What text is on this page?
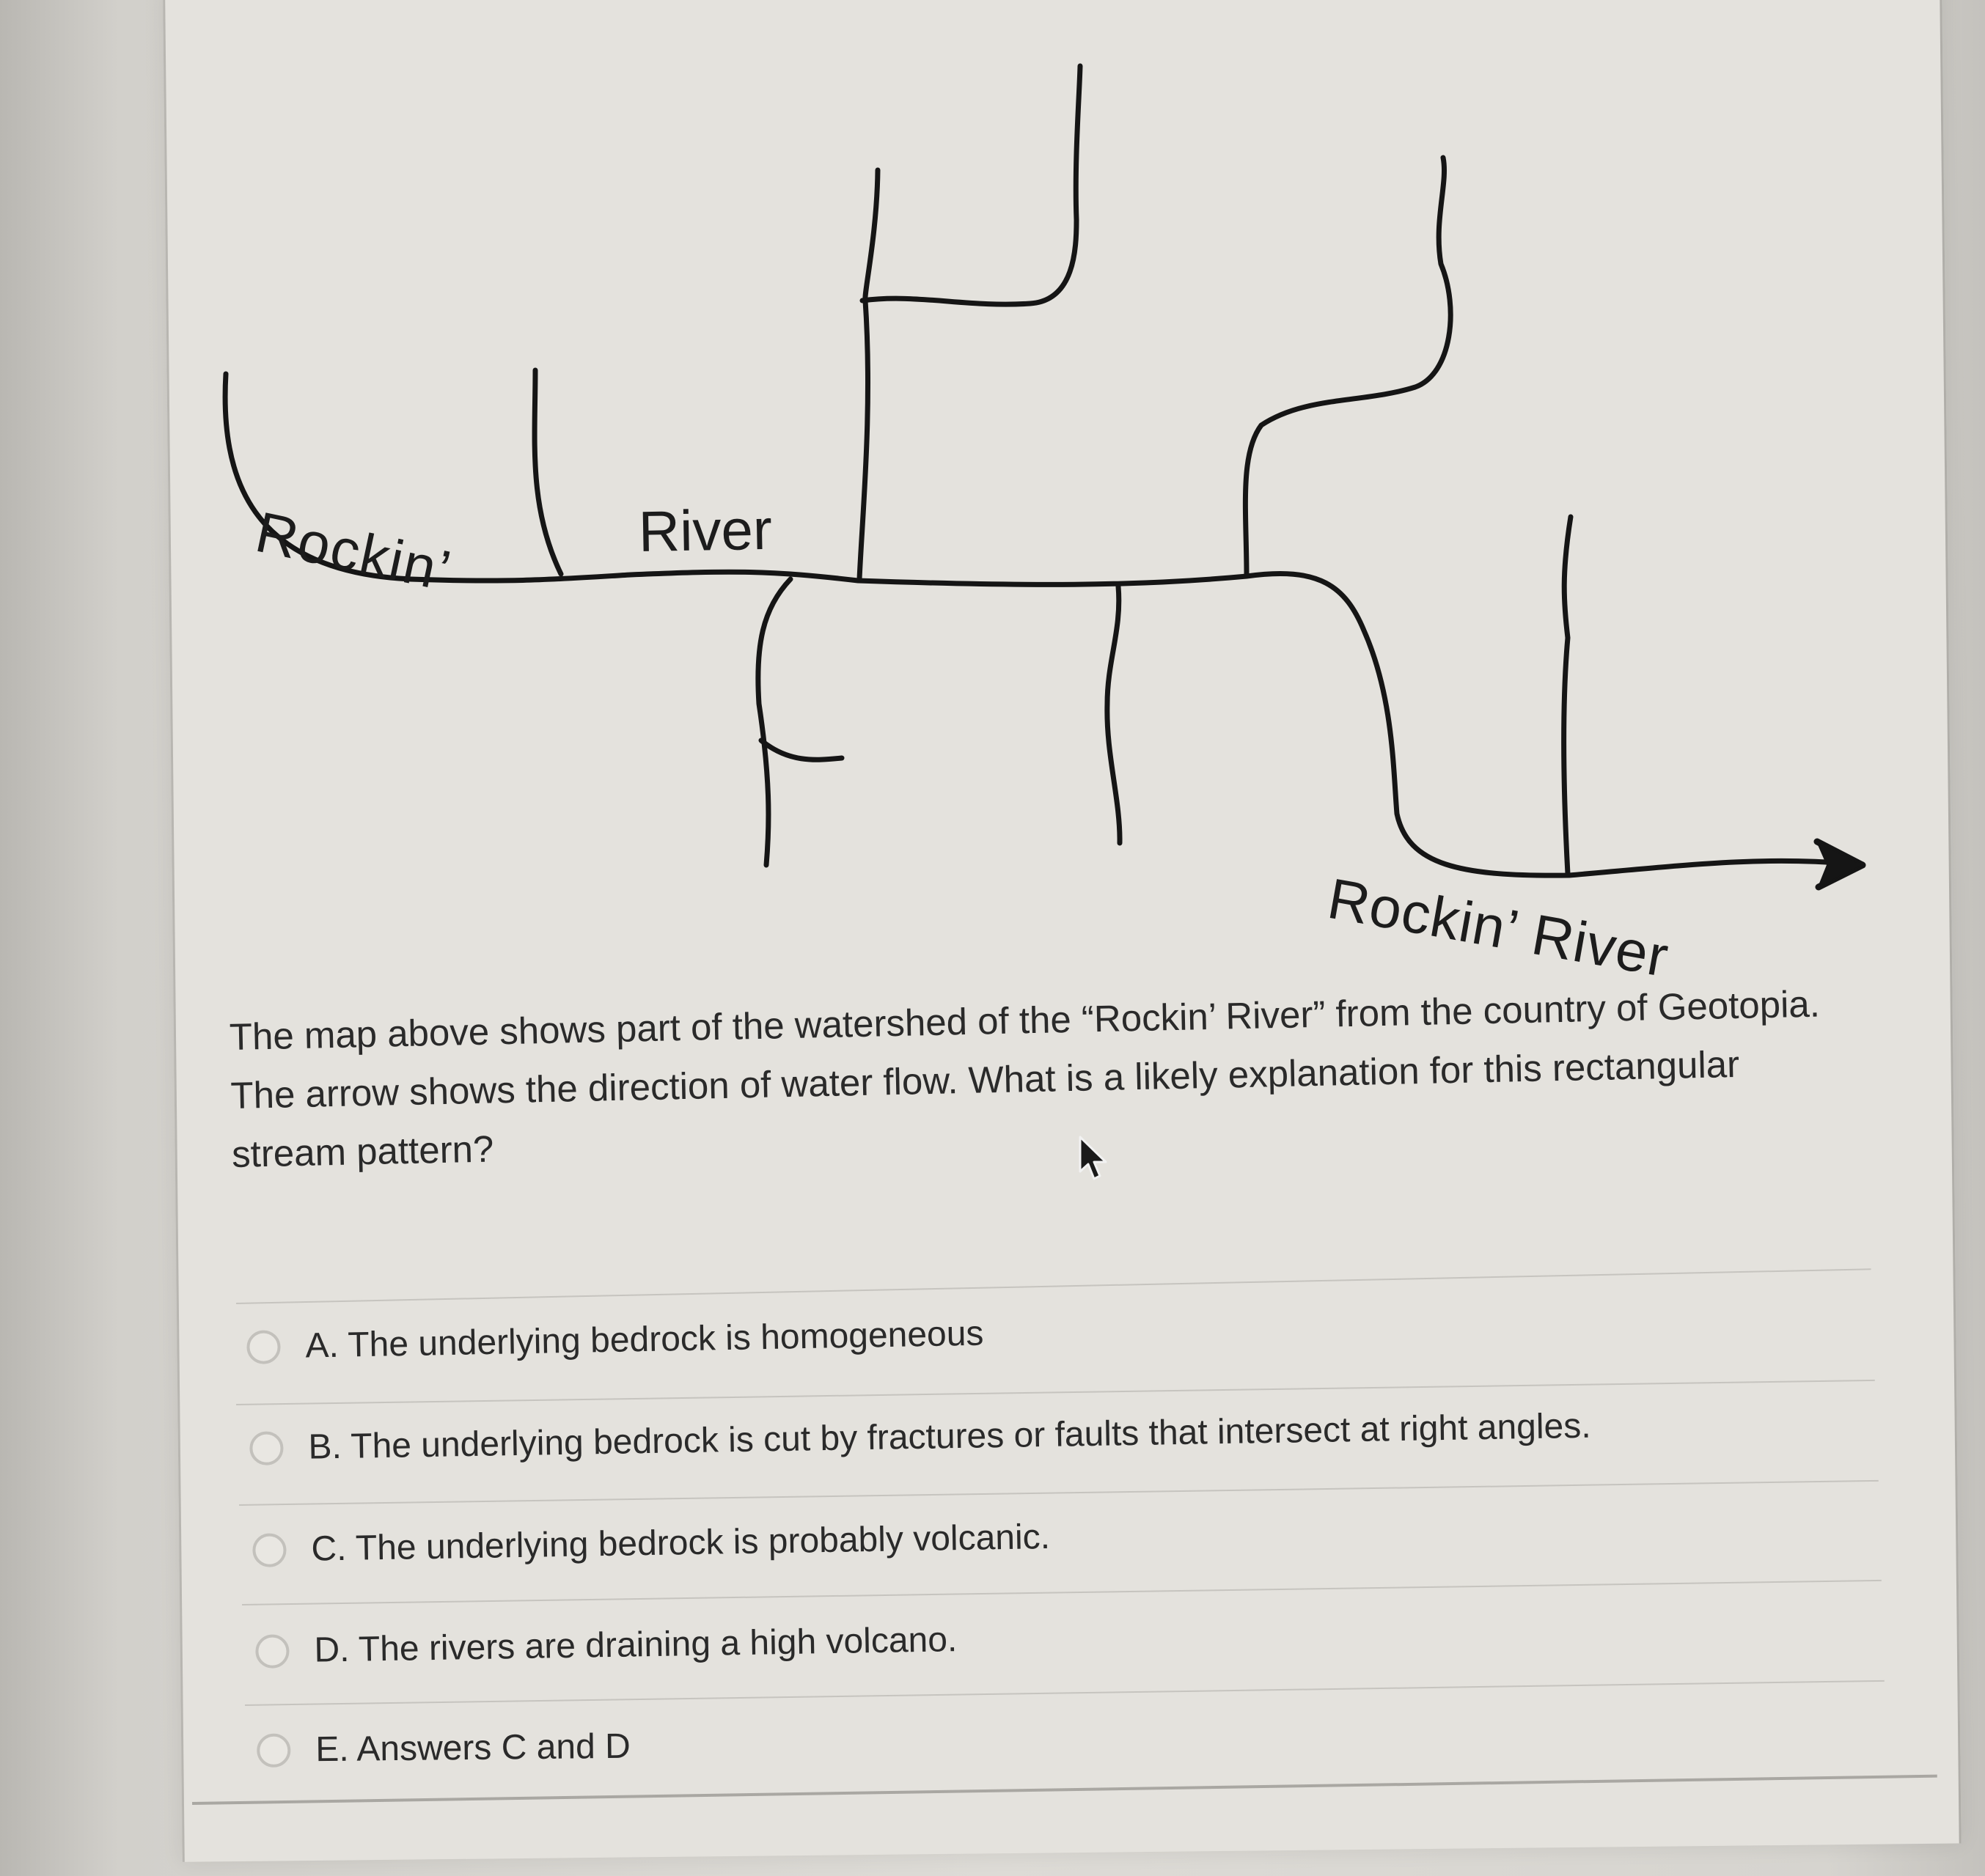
Rockin’	River
Rockin’ River

The map above shows part of the watershed of the “Rockin’ River” from the country of Geotopia. The arrow shows the direction of water flow. What is a likely explanation for this rectangular stream pattern?

A. The underlying bedrock is homogeneous
B. The underlying bedrock is cut by fractures or faults that intersect at right angles.
C. The underlying bedrock is probably volcanic.
D. The rivers are draining a high volcano.
E. Answers C and D
